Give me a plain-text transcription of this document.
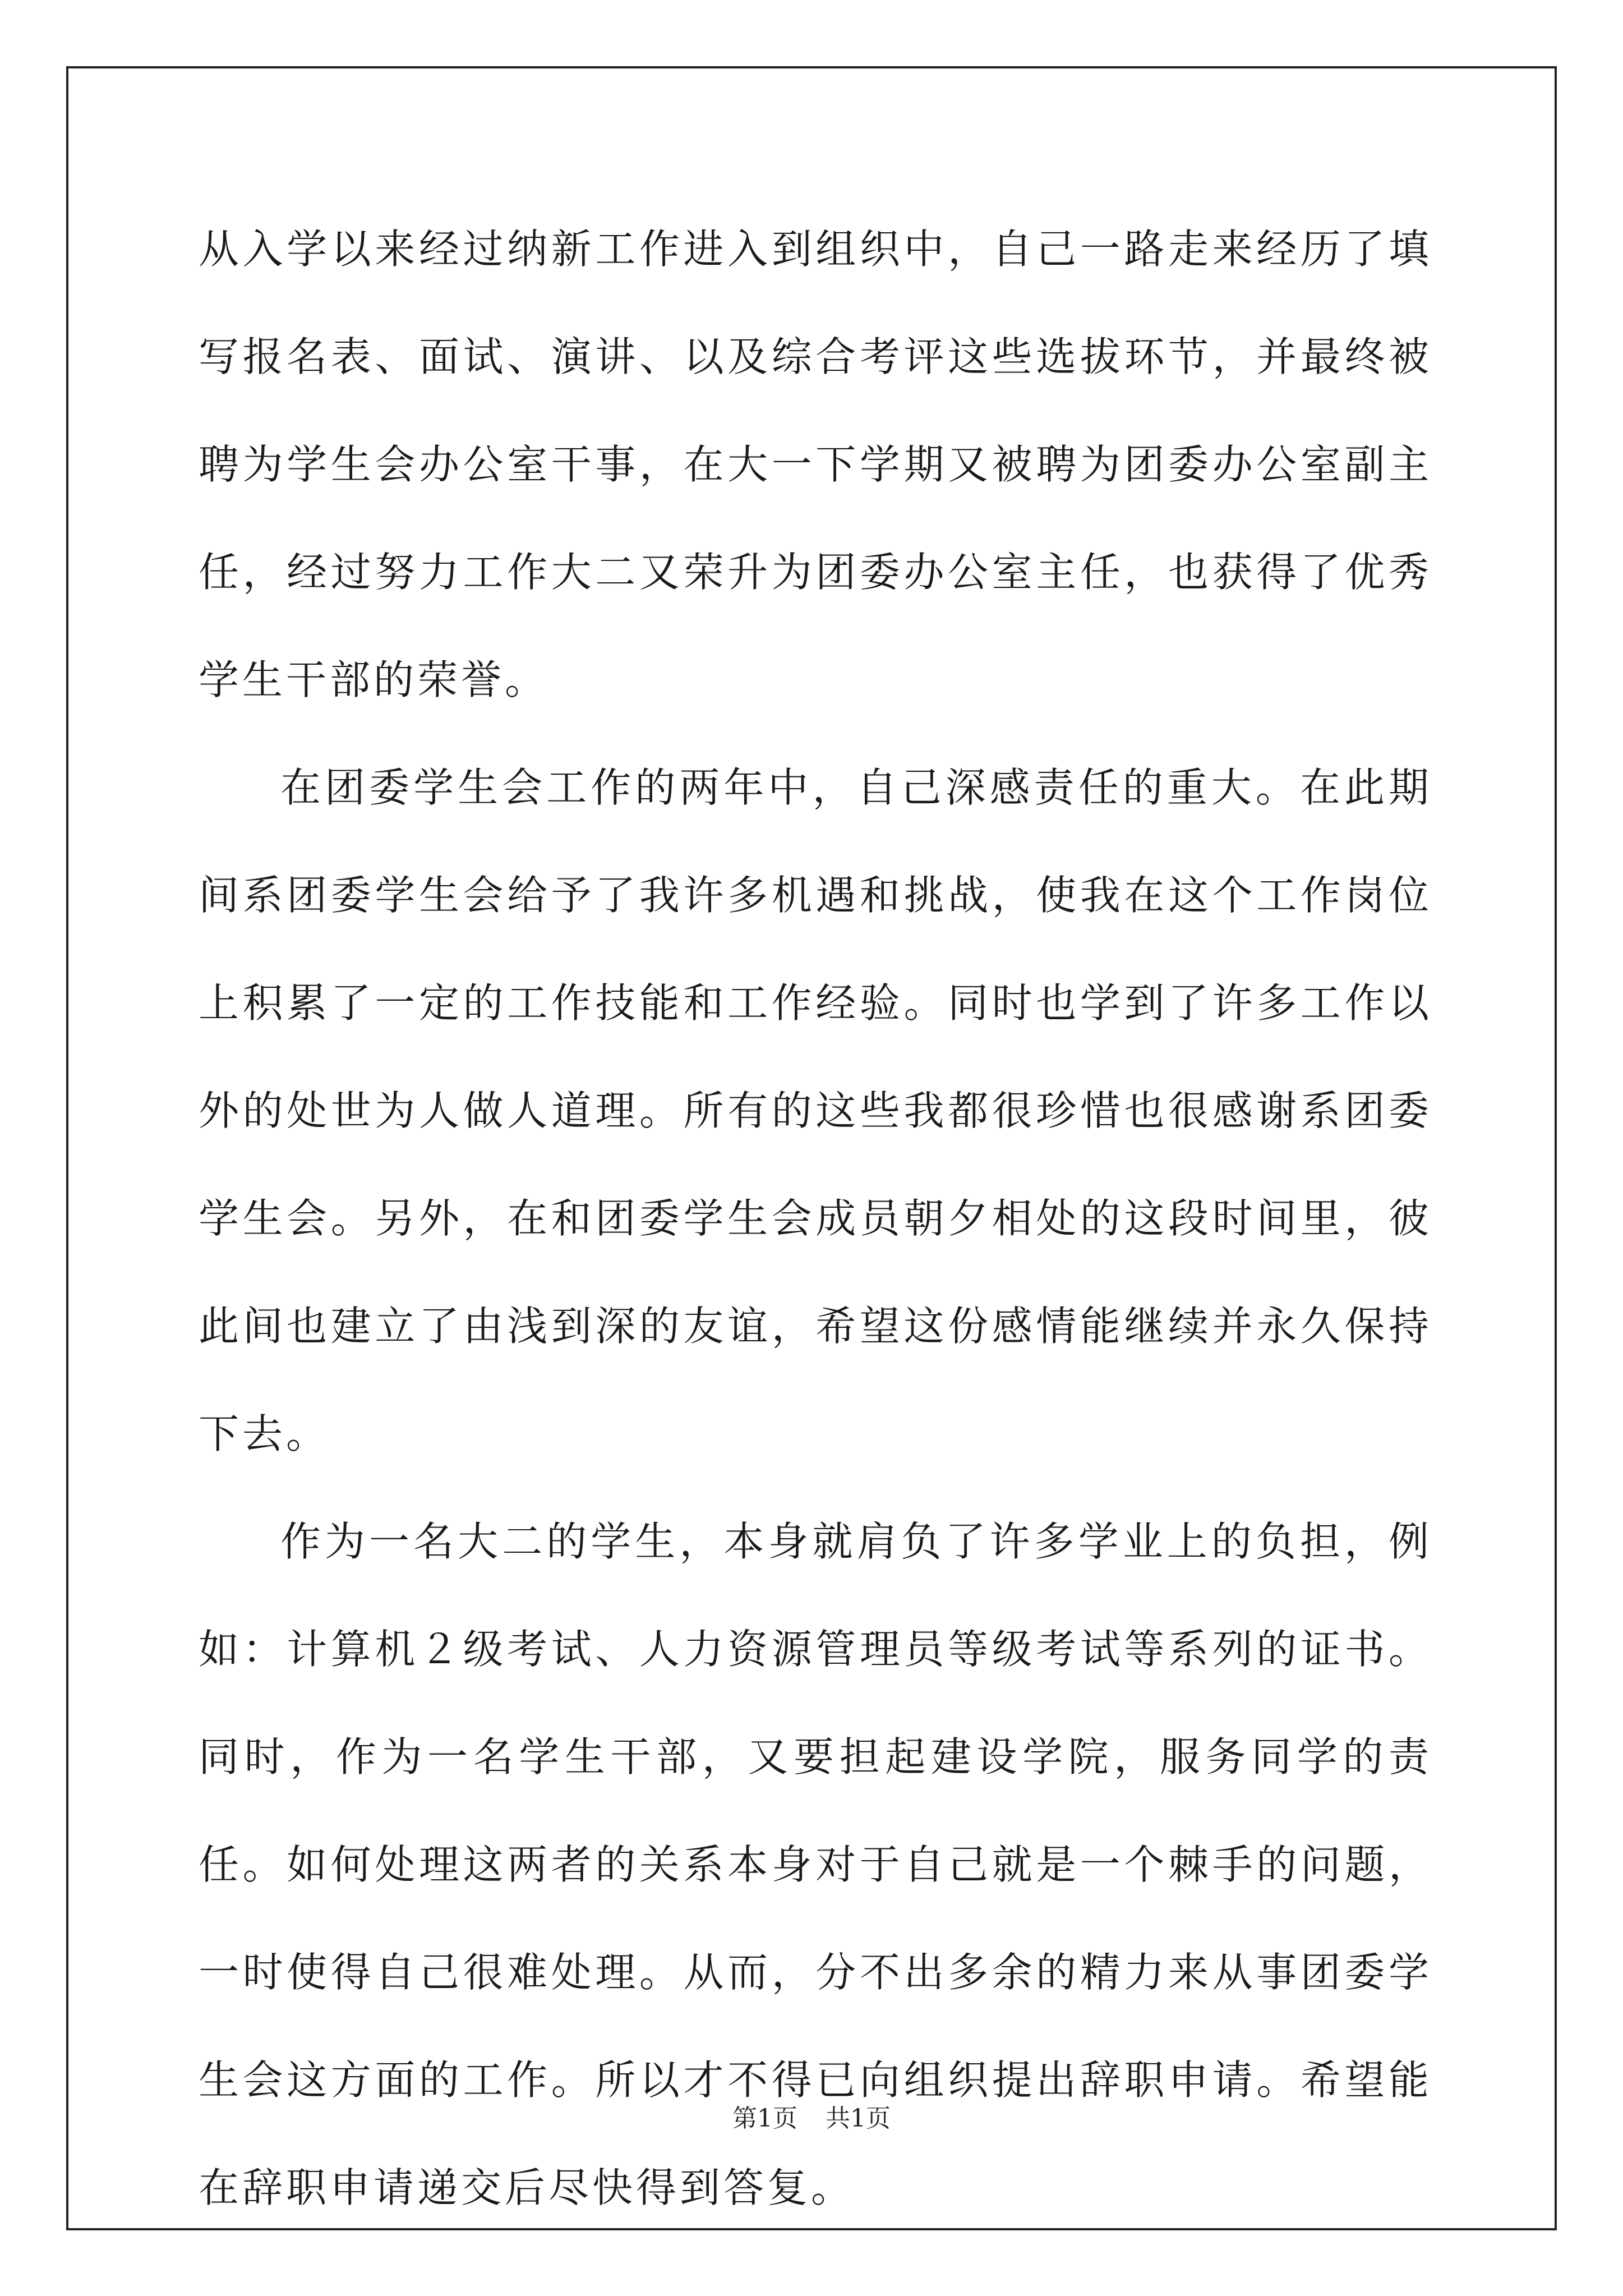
从入学以来经过纳新工作进入到组织中，自己一路走来经历了填写报名表、面试、演讲、以及综合考评这些选拔环节，并最终被聘为学生会办公室干事，在大一下学期又被聘为团委办公室副主任，经过努力工作大二又荣升为团委办公室主任，也获得了优秀学生干部的荣誉。

在团委学生会工作的两年中，自己深感责任的重大。在此期间系团委学生会给予了我许多机遇和挑战，使我在这个工作岗位上积累了一定的工作技能和工作经验。同时也学到了许多工作以外的处世为人做人道理。所有的这些我都很珍惜也很感谢系团委学生会。另外，在和团委学生会成员朝夕相处的这段时间里，彼此间也建立了由浅到深的友谊，希望这份感情能继续并永久保持下去。

作为一名大二的学生，本身就肩负了许多学业上的负担，例如：计算机２级考试、人力资源管理员等级考试等系列的证书。同时，作为一名学生干部，又要担起建设学院，服务同学的责任。如何处理这两者的关系本身对于自己就是一个棘手的问题，一时使得自己很难处理。从而，分不出多余的精力来从事团委学生会这方面的工作。所以才不得已向组织提出辞职申请。希望能在辞职申请递交后尽快得到答复。

第1页 共1页
